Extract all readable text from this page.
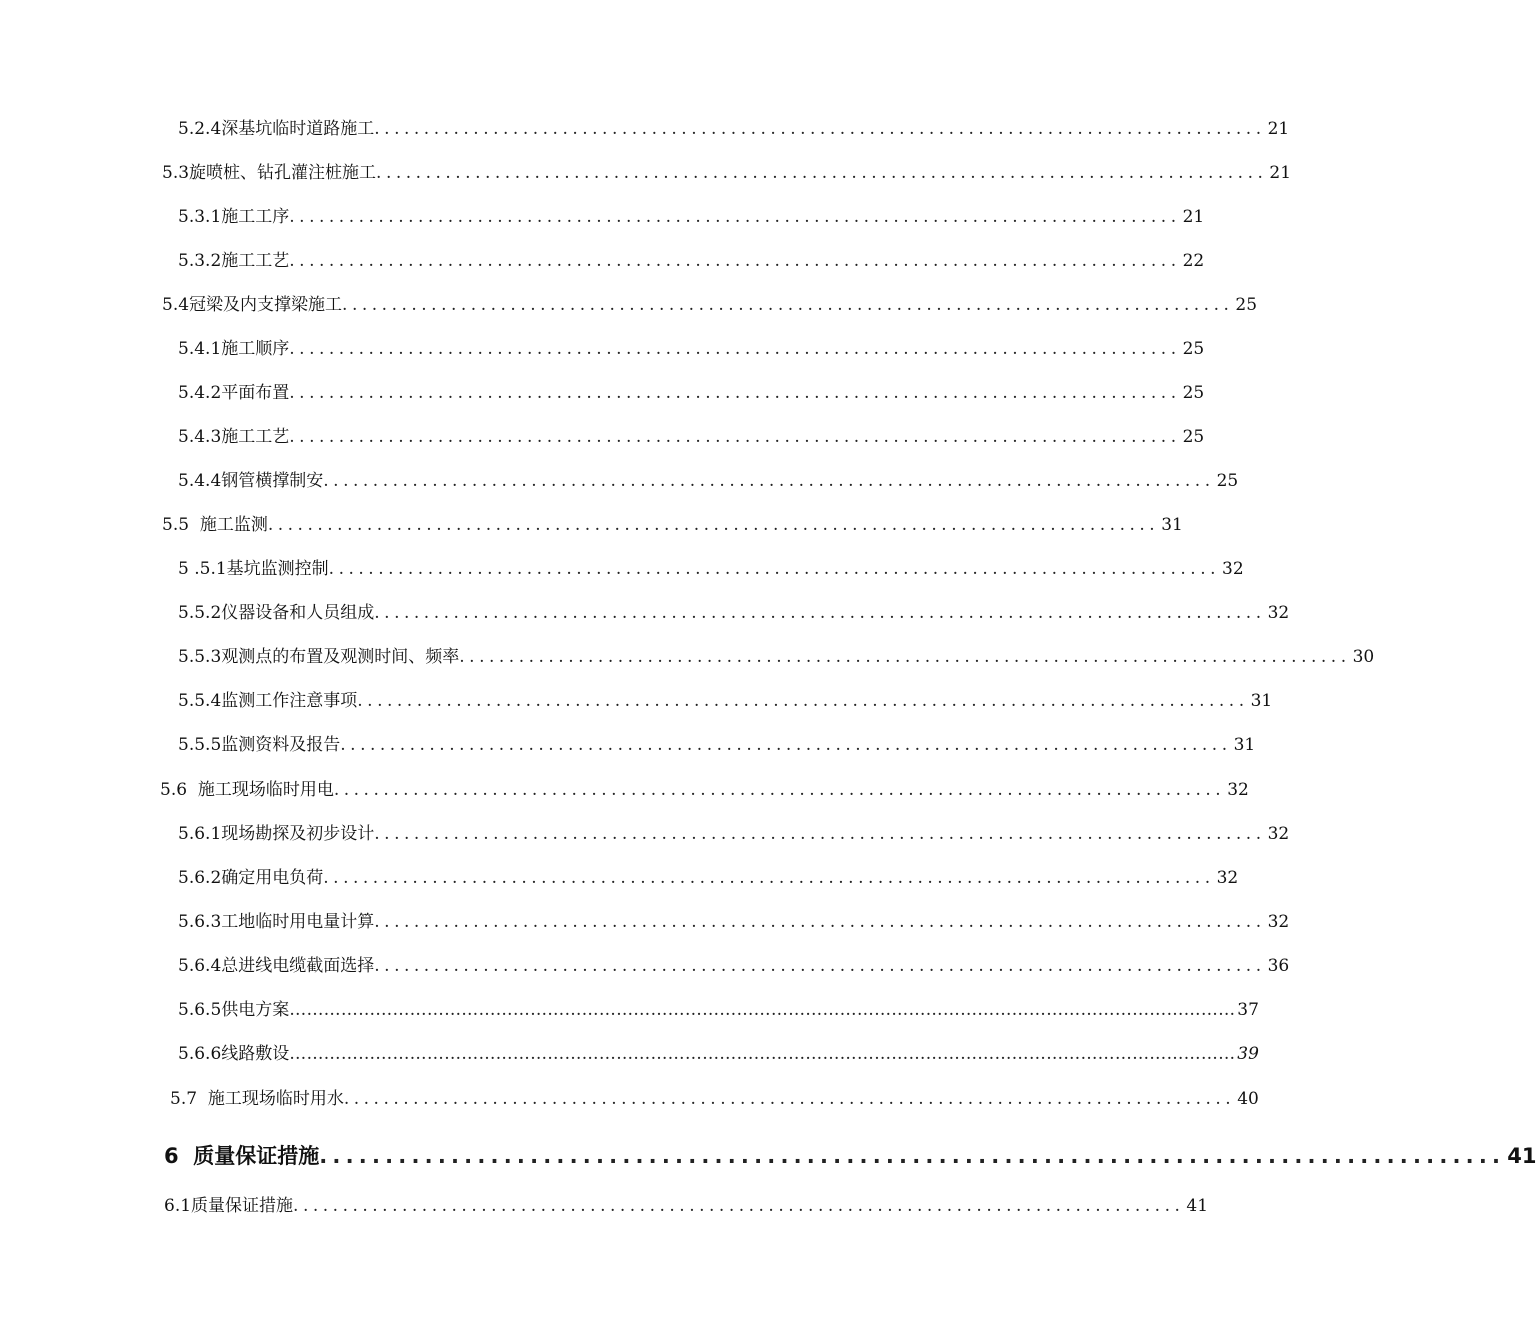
5.2.4深基坑临时道路施工 .......................................................................................... 21
5.3旋喷桩、钻孔灌注桩施工 .......................................................................................... 21
5.3.1施工工序 .......................................................................................... 21
5.3.2施工工艺 .......................................................................................... 22
5.4冠梁及内支撑梁施工 .......................................................................................... 25
5.4.1施工顺序 .......................................................................................... 25
5.4.2平面布置 .......................................................................................... 25
5.4.3施工工艺 .......................................................................................... 25
5.4.4钢管横撑制安 .......................................................................................... 25
5.5  施工监测 .......................................................................................... 31
5 .5.1基坑监测控制 .......................................................................................... 32
5.5.2仪器设备和人员组成 .......................................................................................... 32
5.5.3观测点的布置及观测时间、频率 .......................................................................................... 30
5.5.4监测工作注意事项 .......................................................................................... 31
5.5.5监测资料及报告 .......................................................................................... 31
5.6  施工现场临时用电 .......................................................................................... 32
5.6.1现场勘探及初步设计 .......................................................................................... 32
5.6.2确定用电负荷 .......................................................................................... 32
5.6.3工地临时用电量计算 .......................................................................................... 32
5.6.4总进线电缆截面选择 .......................................................................................... 36
5.6.5供电方案 ………………………………………………………………………………………………………………………………………………… 37
5.6.6线路敷设 ………………………………………………………………………………………………………………………………………………… 39
5.7  施工现场临时用水 .......................................................................................... 40
6  质量保证措施 .......................................................................................... 41
6.1质量保证措施 .......................................................................................... 41
